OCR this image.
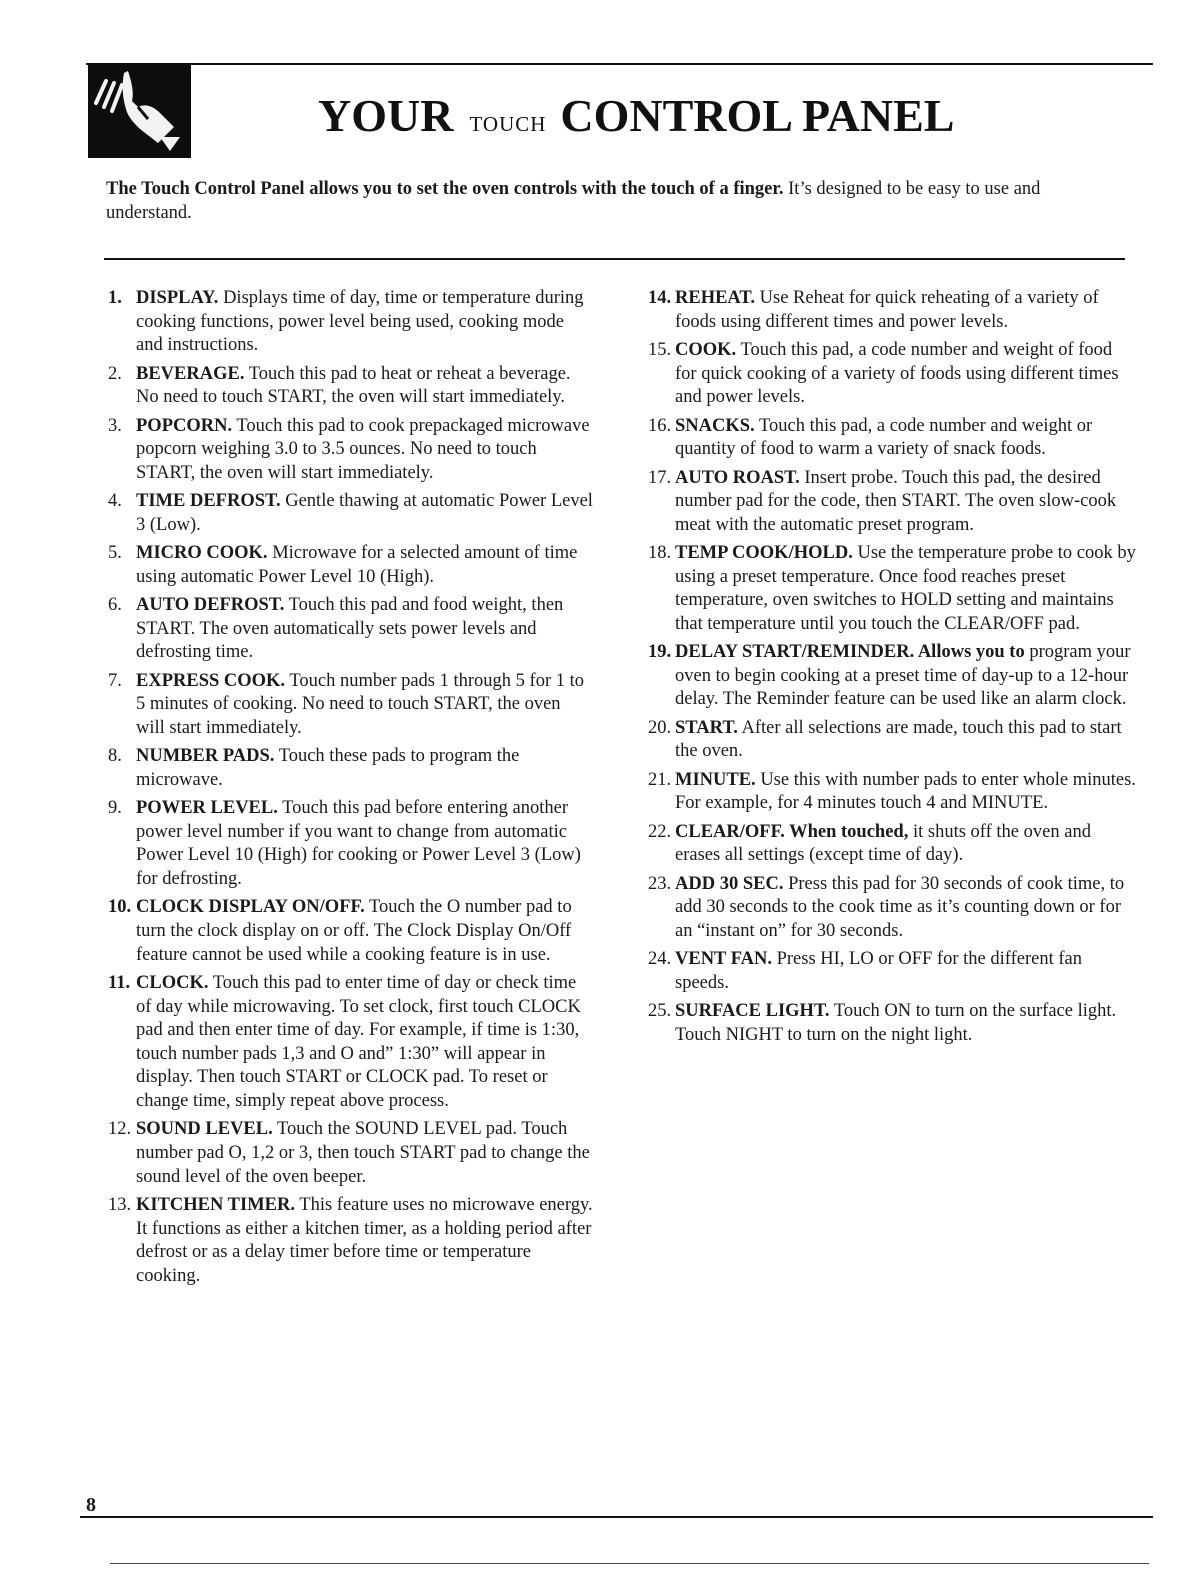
YOUR TOUCH CONTROL PANEL

The Touch Control Panel allows you to set the oven controls with the touch of a finger. It’s designed to be easy to use and understand.

1. DISPLAY. Displays time of day, time or temperature during cooking functions, power level being used, cooking mode and instructions.
2. BEVERAGE. Touch this pad to heat or reheat a beverage. No need to touch START, the oven will start immediately.
3. POPCORN. Touch this pad to cook prepackaged microwave popcorn weighing 3.0 to 3.5 ounces. No need to touch START, the oven will start immediately.
4. TIME DEFROST. Gentle thawing at automatic Power Level 3 (Low).
5. MICRO COOK. Microwave for a selected amount of time using automatic Power Level 10 (High).
6. AUTO DEFROST. Touch this pad and food weight, then START. The oven automatically sets power levels and defrosting time.
7. EXPRESS COOK. Touch number pads 1 through 5 for 1 to 5 minutes of cooking. No need to touch START, the oven will start immediately.
8. NUMBER PADS. Touch these pads to program the microwave.
9. POWER LEVEL. Touch this pad before entering another power level number if you want to change from automatic Power Level 10 (High) for cooking or Power Level 3 (Low) for defrosting.
10. CLOCK DISPLAY ON/OFF. Touch the O number pad to turn the clock display on or off. The Clock Display On/Off feature cannot be used while a cooking feature is in use.
11. CLOCK. Touch this pad to enter time of day or check time of day while microwaving. To set clock, first touch CLOCK pad and then enter time of day. For example, if time is 1:30, touch number pads 1,3 and O and” 1:30” will appear in display. Then touch START or CLOCK pad. To reset or change time, simply repeat above process.
12. SOUND LEVEL. Touch the SOUND LEVEL pad. Touch number pad O, 1,2 or 3, then touch START pad to change the sound level of the oven beeper.
13. KITCHEN TIMER. This feature uses no microwave energy. It functions as either a kitchen timer, as a holding period after defrost or as a delay timer before time or temperature cooking.
14. REHEAT. Use Reheat for quick reheating of a variety of foods using different times and power levels.
15. COOK. Touch this pad, a code number and weight of food for quick cooking of a variety of foods using different times and power levels.
16. SNACKS. Touch this pad, a code number and weight or quantity of food to warm a variety of snack foods.
17. AUTO ROAST. Insert probe. Touch this pad, the desired number pad for the code, then START. The oven slow-cook meat with the automatic preset program.
18. TEMP COOK/HOLD. Use the temperature probe to cook by using a preset temperature. Once food reaches preset temperature, oven switches to HOLD setting and maintains that temperature until you touch the CLEAR/OFF pad.
19. DELAY START/REMINDER. Allows you to program your oven to begin cooking at a preset time of day-up to a 12-hour delay. The Reminder feature can be used like an alarm clock.
20. START. After all selections are made, touch this pad to start the oven.
21. MINUTE. Use this with number pads to enter whole minutes. For example, for 4 minutes touch 4 and MINUTE.
22. CLEAR/OFF. When touched, it shuts off the oven and erases all settings (except time of day).
23. ADD 30 SEC. Press this pad for 30 seconds of cook time, to add 30 seconds to the cook time as it’s counting down or for an “instant on” for 30 seconds.
24. VENT FAN. Press HI, LO or OFF for the different fan speeds.
25. SURFACE LIGHT. Touch ON to turn on the surface light. Touch NIGHT to turn on the night light.

8
